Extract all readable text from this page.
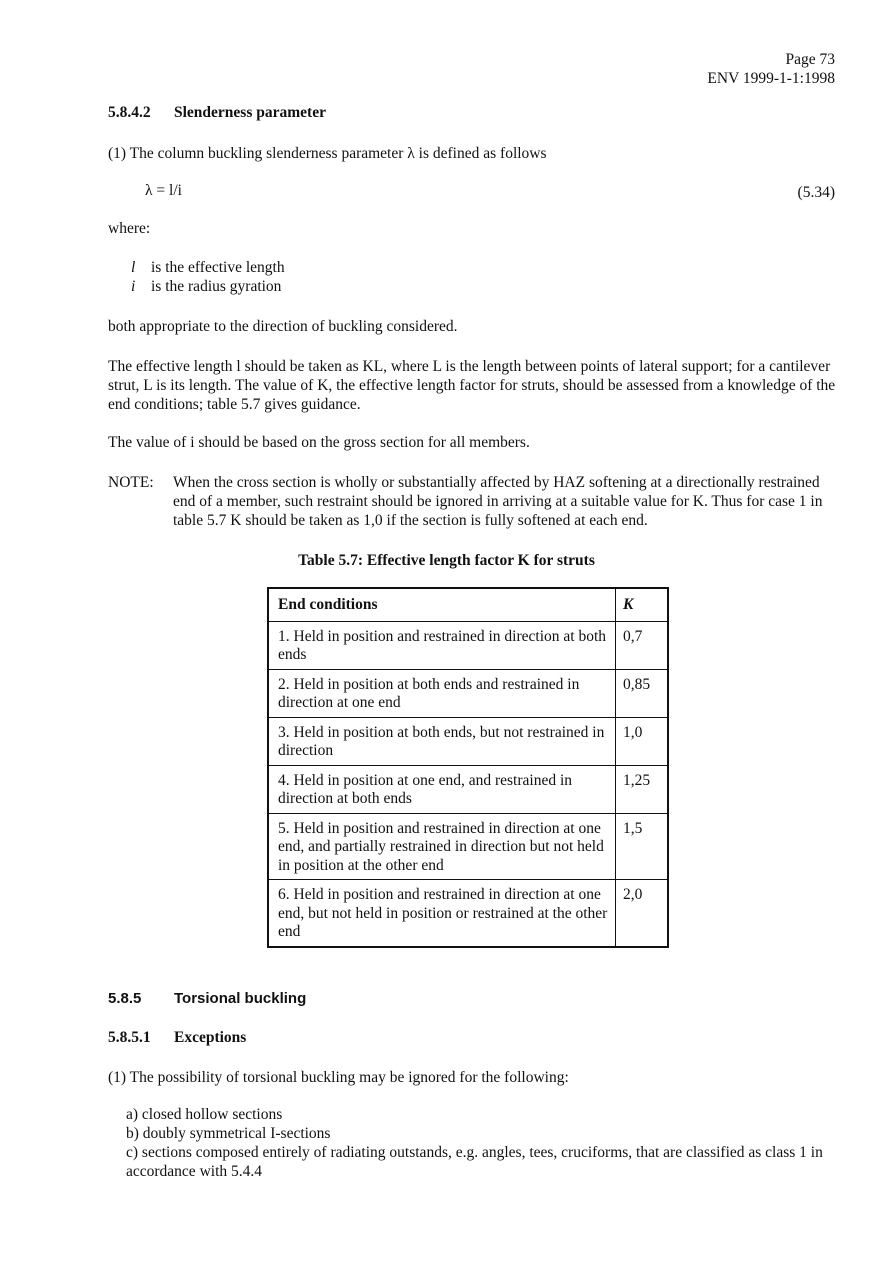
Page 73
ENV 1999-1-1:1998
5.8.4.2 Slenderness parameter
(1) The column buckling slenderness parameter λ is defined as follows
λ = l/i	(5.34)
where:
l is the effective length
i is the radius gyration
both appropriate to the direction of buckling considered.
The effective length l should be taken as KL, where L is the length between points of lateral support; for a cantilever strut, L is its length. The value of K, the effective length factor for struts, should be assessed from a knowledge of the end conditions; table 5.7 gives guidance.
The value of i should be based on the gross section for all members.
NOTE: When the cross section is wholly or substantially affected by HAZ softening at a directionally restrained end of a member, such restraint should be ignored in arriving at a suitable value for K. Thus for case 1 in table 5.7 K should be taken as 1,0 if the section is fully softened at each end.
Table 5.7: Effective length factor K for struts
End conditions	K
1. Held in position and restrained in direction at both ends	0,7
2. Held in position at both ends and restrained in direction at one end	0,85
3. Held in position at both ends, but not restrained in direction	1,0
4. Held in position at one end, and restrained in direction at both ends	1,25
5. Held in position and restrained in direction at one end, and partially restrained in direction but not held in position at the other end	1,5
6. Held in position and restrained in direction at one end, but not held in position or restrained at the other end	2,0
5.8.5 Torsional buckling
5.8.5.1 Exceptions
(1) The possibility of torsional buckling may be ignored for the following:
a) closed hollow sections
b) doubly symmetrical I-sections
c) sections composed entirely of radiating outstands, e.g. angles, tees, cruciforms, that are classified as class 1 in accordance with 5.4.4
